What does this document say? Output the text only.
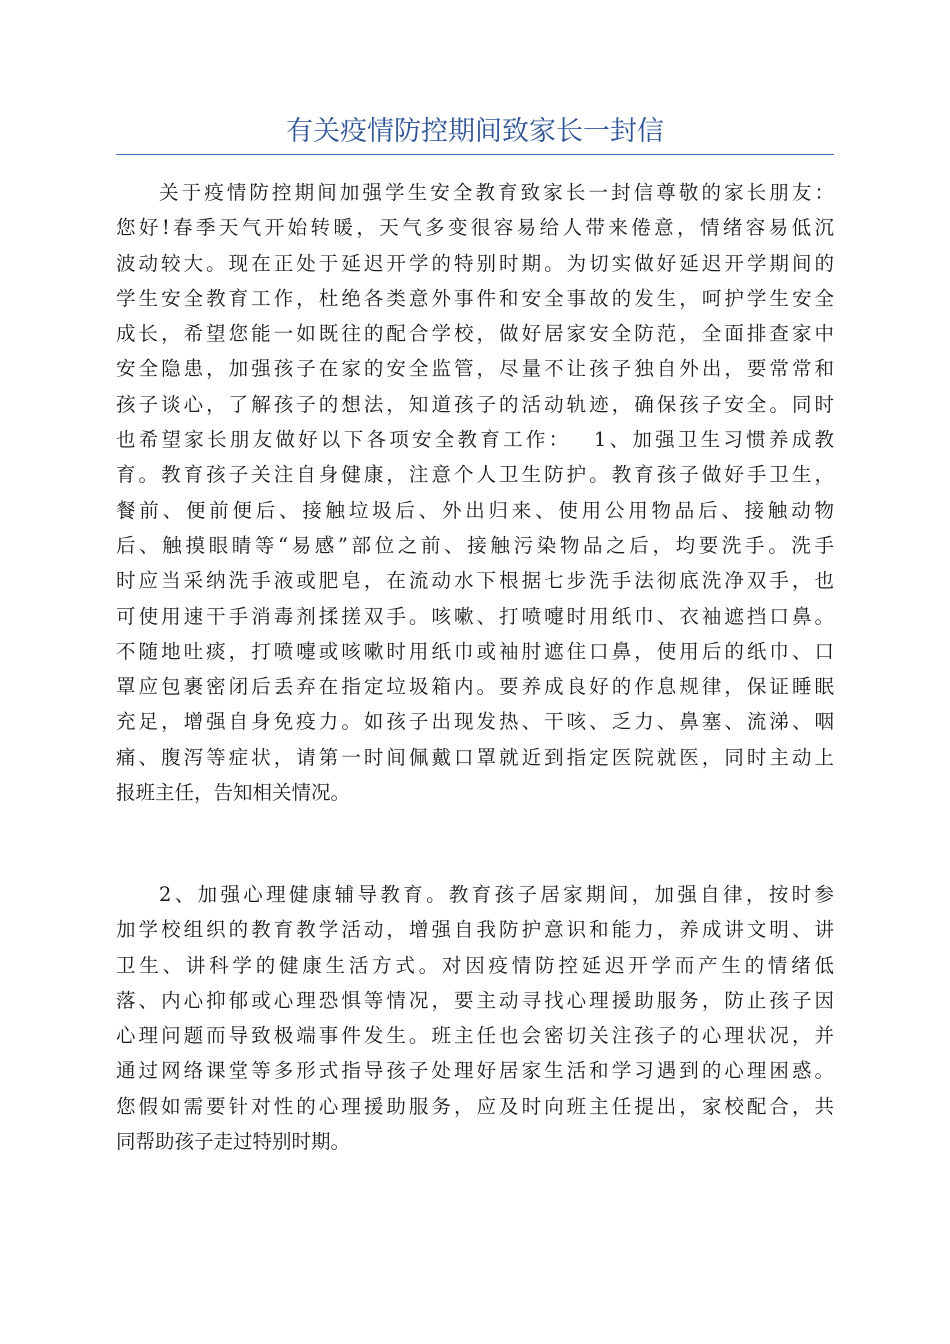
有关疫情防控期间致家长一封信
关于疫情防控期间加强学生安全教育致家长一封信尊敬的家长朋友：
您好!春季天气开始转暖，天气多变很容易给人带来倦意，情绪容易低沉
波动较大。现在正处于延迟开学的特别时期。为切实做好延迟开学期间的
学生安全教育工作，杜绝各类意外事件和安全事故的发生，呵护学生安全
成长，希望您能一如既往的配合学校，做好居家安全防范，全面排查家中
安全隐患，加强孩子在家的安全监管，尽量不让孩子独自外出，要常常和
孩子谈心，了解孩子的想法，知道孩子的活动轨迹，确保孩子安全。同时
也希望家长朋友做好以下各项安全教育工作：　 1、加强卫生习惯养成教
育。教育孩子关注自身健康，注意个人卫生防护。教育孩子做好手卫生，
餐前、便前便后、接触垃圾后、外出归来、使用公用物品后、接触动物
后、触摸眼睛等“易感”部位之前、接触污染物品之后，均要洗手。洗手
时应当采纳洗手液或肥皂，在流动水下根据七步洗手法彻底洗净双手，也
可使用速干手消毒剂揉搓双手。咳嗽、打喷嚏时用纸巾、衣袖遮挡口鼻。
不随地吐痰，打喷嚏或咳嗽时用纸巾或袖肘遮住口鼻，使用后的纸巾、口
罩应包裹密闭后丢弃在指定垃圾箱内。要养成良好的作息规律，保证睡眠
充足，增强自身免疫力。如孩子出现发热、干咳、乏力、鼻塞、流涕、咽
痛、腹泻等症状，请第一时间佩戴口罩就近到指定医院就医，同时主动上
报班主任，告知相关情况。
2、加强心理健康辅导教育。教育孩子居家期间，加强自律，按时参
加学校组织的教育教学活动，增强自我防护意识和能力，养成讲文明、讲
卫生、讲科学的健康生活方式。对因疫情防控延迟开学而产生的情绪低
落、内心抑郁或心理恐惧等情况，要主动寻找心理援助服务，防止孩子因
心理问题而导致极端事件发生。班主任也会密切关注孩子的心理状况，并
通过网络课堂等多形式指导孩子处理好居家生活和学习遇到的心理困惑。
您假如需要针对性的心理援助服务，应及时向班主任提出，家校配合，共
同帮助孩子走过特别时期。
